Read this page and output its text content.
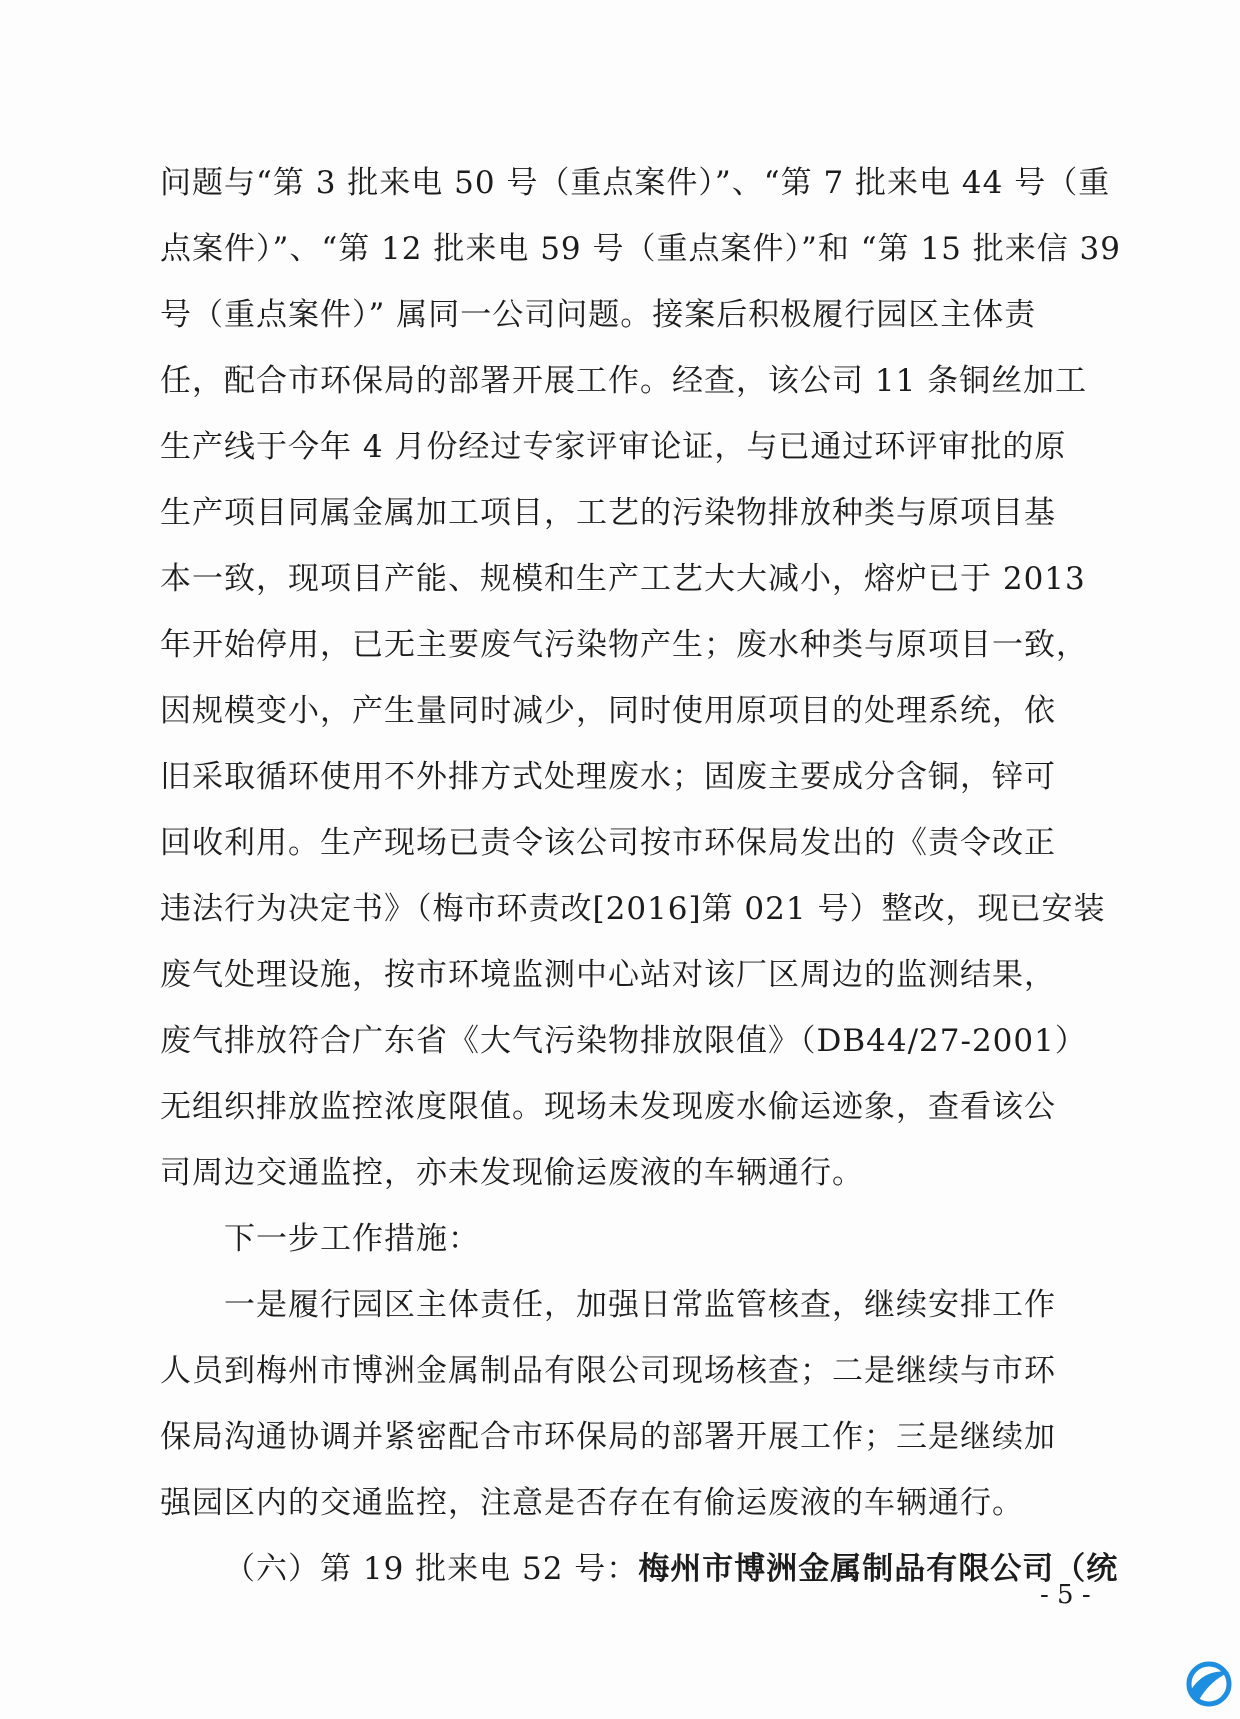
问题与“第 3 批来电 50 号（重点案件）”、“第 7 批来电 44 号（重
点案件）”、“第 12 批来电 59 号（重点案件）”和 “第 15 批来信 39
号（重点案件）” 属同一公司问题。接案后积极履行园区主体责
任，配合市环保局的部署开展工作。经查，该公司 11 条铜丝加工
生产线于今年 4 月份经过专家评审论证，与已通过环评审批的原
生产项目同属金属加工项目，工艺的污染物排放种类与原项目基
本一致，现项目产能、规模和生产工艺大大减小，熔炉已于 2013
年开始停用，已无主要废气污染物产生；废水种类与原项目一致，
因规模变小，产生量同时减少，同时使用原项目的处理系统，依
旧采取循环使用不外排方式处理废水；固废主要成分含铜，锌可
回收利用。生产现场已责令该公司按市环保局发出的《责令改正
违法行为决定书》（梅市环责改[2016]第 021 号）整改，现已安装
废气处理设施，按市环境监测中心站对该厂区周边的监测结果，
废气排放符合广东省《大气污染物排放限值》（DB44/27-2001）
无组织排放监控浓度限值。现场未发现废水偷运迹象，查看该公
司周边交通监控，亦未发现偷运废液的车辆通行。
下一步工作措施：
一是履行园区主体责任，加强日常监管核查，继续安排工作
人员到梅州市博洲金属制品有限公司现场核查；二是继续与市环
保局沟通协调并紧密配合市环保局的部署开展工作；三是继续加
强园区内的交通监控，注意是否存在有偷运废液的车辆通行。
（六）第 19 批来电 52 号：梅州市博洲金属制品有限公司（统
- 5 -
